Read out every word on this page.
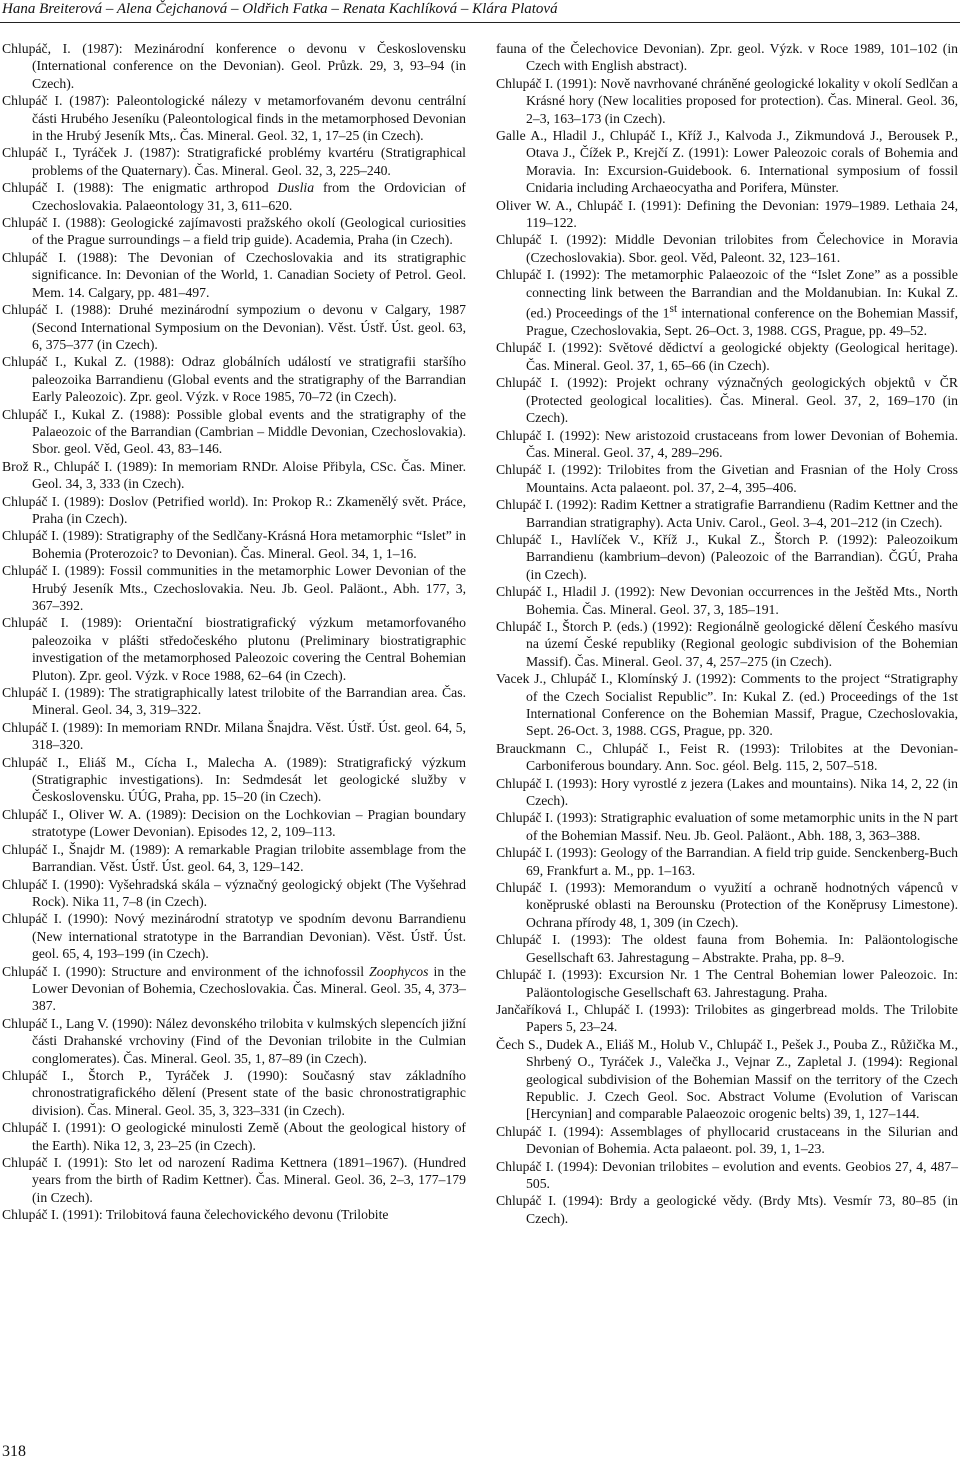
Hana Breiterová – Alena Čejchanová – Oldřich Fatka – Renata Kachlíková – Klára Platová

Chlupáč, I. (1987): Mezinárodní konference o devonu v Československu (International conference on the Devonian). Geol. Průzk. 29, 3, 93–94 (in Czech).

Chlupáč I. (1987): Paleontologické nálezy v metamorfovaném devonu centrální části Hrubého Jeseníku (Paleontological finds in the metamorphosed Devonian in the Hrubý Jeseník Mts,. Čas. Mineral. Geol. 32, 1, 17–25 (in Czech).

Chlupáč I., Tyráček J. (1987): Stratigrafické problémy kvartéru (Stratigraphical problems of the Quaternary). Čas. Mineral. Geol. 32, 3, 225–240.

Chlupáč I. (1988): The enigmatic arthropod Duslia from the Ordovician of Czechoslovakia. Palaeontology 31, 3, 611–620.

Chlupáč I. (1988): Geologické zajímavosti pražského okolí (Geological curiosities of the Prague surroundings – a field trip guide). Academia, Praha (in Czech).

Chlupáč I. (1988): The Devonian of Czechoslovakia and its stratigraphic significance. In: Devonian of the World, 1. Canadian Society of Petrol. Geol. Mem. 14. Calgary, pp. 481–497.

Chlupáč I. (1988): Druhé mezinárodní sympozium o devonu v Calgary, 1987 (Second International Symposium on the Devonian). Věst. Ústř. Úst. geol. 63, 6, 375–377 (in Czech).

Chlupáč I., Kukal Z. (1988): Odraz globálních událostí ve stratigrafii staršího paleozoika Barrandienu (Global events and the stratigraphy of the Barrandian Early Paleozoic). Zpr. geol. Výzk. v Roce 1985, 70–72 (in Czech).

Chlupáč I., Kukal Z. (1988): Possible global events and the stratigraphy of the Palaeozoic of the Barrandian (Cambrian – Middle Devonian, Czechoslovakia). Sbor. geol. Věd, Geol. 43, 83–146.

Brož R., Chlupáč I. (1989): In memoriam RNDr. Aloise Přibyla, CSc. Čas. Miner. Geol. 34, 3, 333 (in Czech).

Chlupáč I. (1989): Doslov (Petrified world). In: Prokop R.: Zkamenělý svět. Práce, Praha (in Czech).

Chlupáč I. (1989): Stratigraphy of the Sedlčany-Krásná Hora metamorphic “Islet” in Bohemia (Proterozoic? to Devonian). Čas. Mineral. Geol. 34, 1, 1–16.

Chlupáč I. (1989): Fossil communities in the metamorphic Lower Devonian of the Hrubý Jeseník Mts., Czechoslovakia. Neu. Jb. Geol. Paläont., Abh. 177, 3, 367–392.

Chlupáč I. (1989): Orientační biostratigrafický výzkum metamorfovaného paleozoika v plášti středočeského plutonu (Preliminary biostratigraphic investigation of the metamorphosed Paleozoic covering the Central Bohemian Pluton). Zpr. geol. Výzk. v Roce 1988, 62–64 (in Czech).

Chlupáč I. (1989): The stratigraphically latest trilobite of the Barrandian area. Čas. Mineral. Geol. 34, 3, 319–322.

Chlupáč I. (1989): In memoriam RNDr. Milana Šnajdra. Věst. Ústř. Úst. geol. 64, 5, 318–320.

Chlupáč I., Eliáš M., Cícha I., Malecha A. (1989): Stratigrafický výzkum (Stratigraphic investigations). In: Sedmdesát let geologické služby v Československu. ÚÚG, Praha, pp. 15–20 (in Czech).

Chlupáč I., Oliver W. A. (1989): Decision on the Lochkovian – Pragian boundary stratotype (Lower Devonian). Episodes 12, 2, 109–113.

Chlupáč I., Šnajdr M. (1989): A remarkable Pragian trilobite assemblage from the Barrandian. Věst. Ústř. Úst. geol. 64, 3, 129–142.

Chlupáč I. (1990): Vyšehradská skála – význačný geologický objekt (The Vyšehrad Rock). Nika 11, 7–8 (in Czech).

Chlupáč I. (1990): Nový mezinárodní stratotyp ve spodním devonu Barrandienu (New international stratotype in the Barrandian Devonian). Věst. Ústř. Úst. geol. 65, 4, 193–199 (in Czech).

Chlupáč I. (1990): Structure and environment of the ichnofossil Zoophycos in the Lower Devonian of Bohemia, Czechoslovakia. Čas. Mineral. Geol. 35, 4, 373–387.

Chlupáč I., Lang V. (1990): Nález devonského trilobita v kulmských slepencích jižní části Drahanské vrchoviny (Find of the Devonian trilobite in the Culmian conglomerates). Čas. Mineral. Geol. 35, 1, 87–89 (in Czech).

Chlupáč I., Štorch P., Tyráček J. (1990): Současný stav základního chronostratigrafického dělení (Present state of the basic chronostratigraphic division). Čas. Mineral. Geol. 35, 3, 323–331 (in Czech).

Chlupáč I. (1991): O geologické minulosti Země (About the geological history of the Earth). Nika 12, 3, 23–25 (in Czech).

Chlupáč I. (1991): Sto let od narození Radima Kettnera (1891–1967). (Hundred years from the birth of Radim Kettner). Čas. Mineral. Geol. 36, 2–3, 177–179 (in Czech).

Chlupáč I. (1991): Trilobitová fauna čelechovického devonu (Trilobite

fauna of the Čelechovice Devonian). Zpr. geol. Výzk. v Roce 1989, 101–102 (in Czech with English abstract).

Chlupáč I. (1991): Nově navrhované chráněné geologické lokality v okolí Sedlčan a Krásné hory (New localities proposed for protection). Čas. Mineral. Geol. 36, 2–3, 163–173 (in Czech).

Galle A., Hladil J., Chlupáč I., Kříž J., Kalvoda J., Zikmundová J., Berousek P., Otava J., Čížek P., Krejčí Z. (1991): Lower Paleozoic corals of Bohemia and Moravia. In: Excursion-Guidebook. 6. International symposium of fossil Cnidaria including Archaeocyatha and Porifera, Münster.

Oliver W. A., Chlupáč I. (1991): Defining the Devonian: 1979–1989. Lethaia 24, 119–122.

Chlupáč I. (1992): Middle Devonian trilobites from Čelechovice in Moravia (Czechoslovakia). Sbor. geol. Věd, Paleont. 32, 123–161.

Chlupáč I. (1992): The metamorphic Palaeozoic of the “Islet Zone” as a possible connecting link between the Barrandian and the Moldanubian. In: Kukal Z. (ed.) Proceedings of the 1st international conference on the Bohemian Massif, Prague, Czechoslovakia, Sept. 26–Oct. 3, 1988. CGS, Prague, pp. 49–52.

Chlupáč I. (1992): Světové dědictví a geologické objekty (Geological heritage). Čas. Mineral. Geol. 37, 1, 65–66 (in Czech).

Chlupáč I. (1992): Projekt ochrany význačných geologických objektů v ČR (Protected geological localities). Čas. Mineral. Geol. 37, 2, 169–170 (in Czech).

Chlupáč I. (1992): New aristozoid crustaceans from lower Devonian of Bohemia. Čas. Mineral. Geol. 37, 4, 289–296.

Chlupáč I. (1992): Trilobites from the Givetian and Frasnian of the Holy Cross Mountains. Acta palaeont. pol. 37, 2–4, 395–406.

Chlupáč I. (1992): Radim Kettner a stratigrafie Barrandienu (Radim Kettner and the Barrandian stratigraphy). Acta Univ. Carol., Geol. 3–4, 201–212 (in Czech).

Chlupáč I., Havlíček V., Kříž J., Kukal Z., Štorch P. (1992): Paleozoikum Barrandienu (kambrium–devon) (Paleozoic of the Barrandian). ČGÚ, Praha (in Czech).

Chlupáč I., Hladil J. (1992): New Devonian occurrences in the Ještěd Mts., North Bohemia. Čas. Mineral. Geol. 37, 3, 185–191.

Chlupáč I., Štorch P. (eds.) (1992): Regionálně geologické dělení Českého masívu na území České republiky (Regional geologic subdivision of the Bohemian Massif). Čas. Mineral. Geol. 37, 4, 257–275 (in Czech).

Vacek J., Chlupáč I., Klomínský J. (1992): Comments to the project “Stratigraphy of the Czech Socialist Republic”. In: Kukal Z. (ed.) Proceedings of the 1st International Conference on the Bohemian Massif, Prague, Czechoslovakia, Sept. 26-Oct. 3, 1988. CGS, Prague, pp. 320.

Brauckmann C., Chlupáč I., Feist R. (1993): Trilobites at the Devonian-Carboniferous boundary. Ann. Soc. géol. Belg. 115, 2, 507–518.

Chlupáč I. (1993): Hory vyrostlé z jezera (Lakes and mountains). Nika 14, 2, 22 (in Czech).

Chlupáč I. (1993): Stratigraphic evaluation of some metamorphic units in the N part of the Bohemian Massif. Neu. Jb. Geol. Paläont., Abh. 188, 3, 363–388.

Chlupáč I. (1993): Geology of the Barrandian. A field trip guide. Senckenberg-Buch 69, Frankfurt a. M., pp. 1–163.

Chlupáč I. (1993): Memorandum o využití a ochraně hodnotných vápenců v koněpruské oblasti na Berounsku (Protection of the Koněprusy Limestone). Ochrana přírody 48, 1, 309 (in Czech).

Chlupáč I. (1993): The oldest fauna from Bohemia. In: Paläontologische Gesellschaft 63. Jahrestagung – Abstrakte. Praha, pp. 8–9.

Chlupáč I. (1993): Excursion Nr. 1 The Central Bohemian lower Paleozoic. In: Paläontologische Gesellschaft 63. Jahrestagung. Praha.

Jančaříková I., Chlupáč I. (1993): Trilobites as gingerbread molds. The Trilobite Papers 5, 23–24.

Čech S., Dudek A., Eliáš M., Holub V., Chlupáč I., Pešek J., Pouba Z., Růžička M., Shrbený O., Tyráček J., Valečka J., Vejnar Z., Zapletal J. (1994): Regional geological subdivision of the Bohemian Massif on the territory of the Czech Republic. J. Czech Geol. Soc. Abstract Volume (Evolution of Variscan [Hercynian] and comparable Palaeozoic orogenic belts) 39, 1, 127–144.

Chlupáč I. (1994): Assemblages of phyllocarid crustaceans in the Silurian and Devonian of Bohemia. Acta palaeont. pol. 39, 1, 1–23.

Chlupáč I. (1994): Devonian trilobites – evolution and events. Geobios 27, 4, 487–505.

Chlupáč I. (1994): Brdy a geologické vědy. (Brdy Mts). Vesmír 73, 80–85 (in Czech).

318
